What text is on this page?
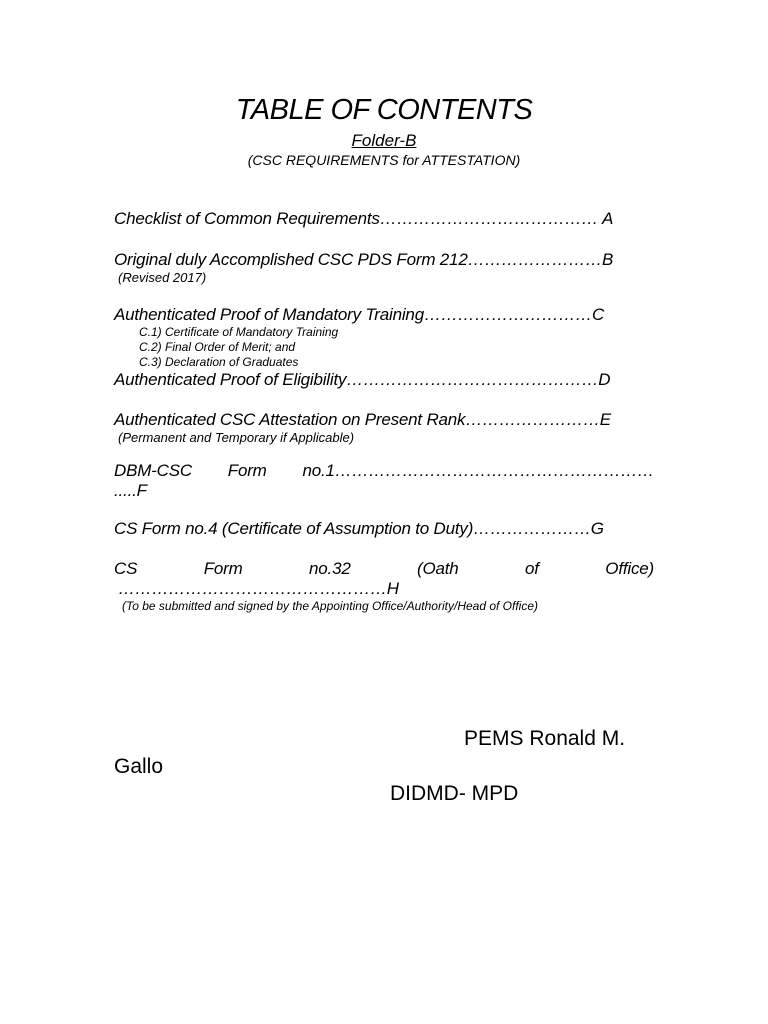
TABLE OF CONTENTS
Folder-B
(CSC REQUIREMENTS for ATTESTATION)
Checklist of Common Requirements………………………………… A
Original duly Accomplished CSC PDS Form 212……………………B
(Revised 2017)
Authenticated Proof of Mandatory Training…………………………C
C.1) Certificate of Mandatory Training
C.2) Final Order of Merit; and
C.3) Declaration of Graduates
Authenticated Proof of Eligibility………………………………………D
Authenticated CSC Attestation on Present Rank……………………E
(Permanent and Temporary if Applicable)
DBM-CSC Form no.1…………………………………………………
.....F
CS Form no.4 (Certificate of Assumption to Duty)…………………G
CS	Form	no.32	(Oath	of	Office)
…………………………………………H
(To be submitted and signed by the Appointing Office/Authority/Head of Office)
PEMS Ronald M.
Gallo
DIDMD- MPD
